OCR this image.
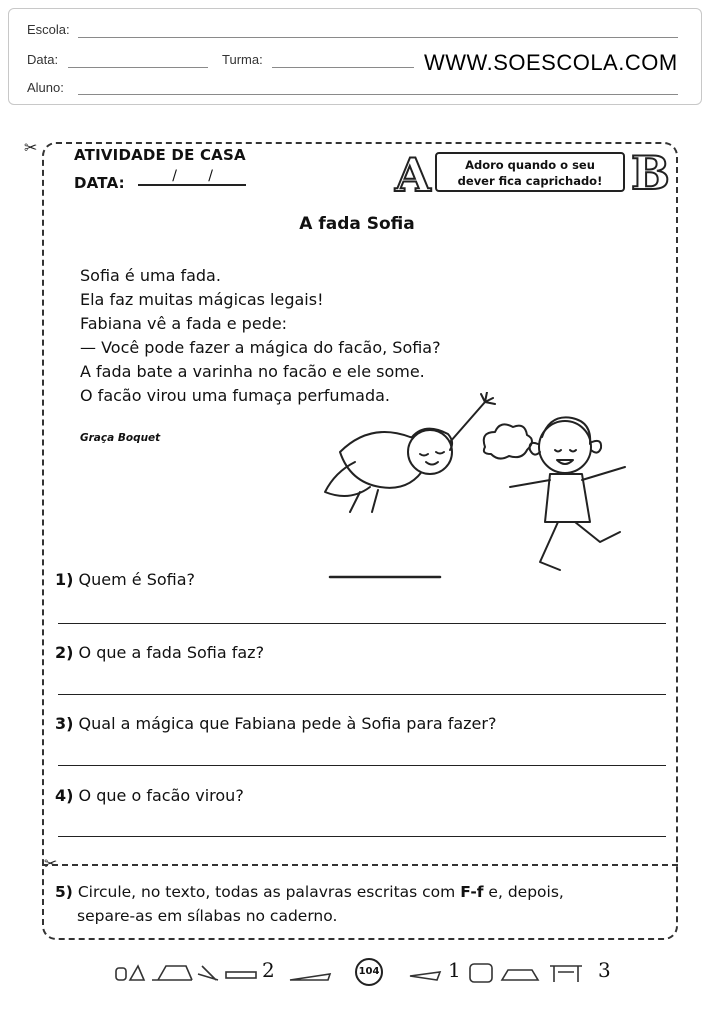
Escola:
Data:	Turma:	WWW.SOESCOLA.COM
Aluno:
✂
✂
ATIVIDADE DE CASA
DATA:	/ /	A	Adoro quando o seu
dever fica caprichado! B
A fada Sofia
Sofia é uma fada.
Ela faz muitas mágicas legais!
Fabiana vê a fada e pede:
— Você pode fazer a mágica do facão, Sofia?
A fada bate a varinha no facão e ele some.
O facão virou uma fumaça perfumada.
Graça Boquet
1) Quem é Sofia?
2) O que a fada Sofia faz?
3) Qual a mágica que Fabiana pede à Sofia para fazer?
4) O que o facão virou?
5) Circule, no texto, todas as palavras escritas com F-f e, depois,
separe-as em sílabas no caderno.
2	104	1	3
